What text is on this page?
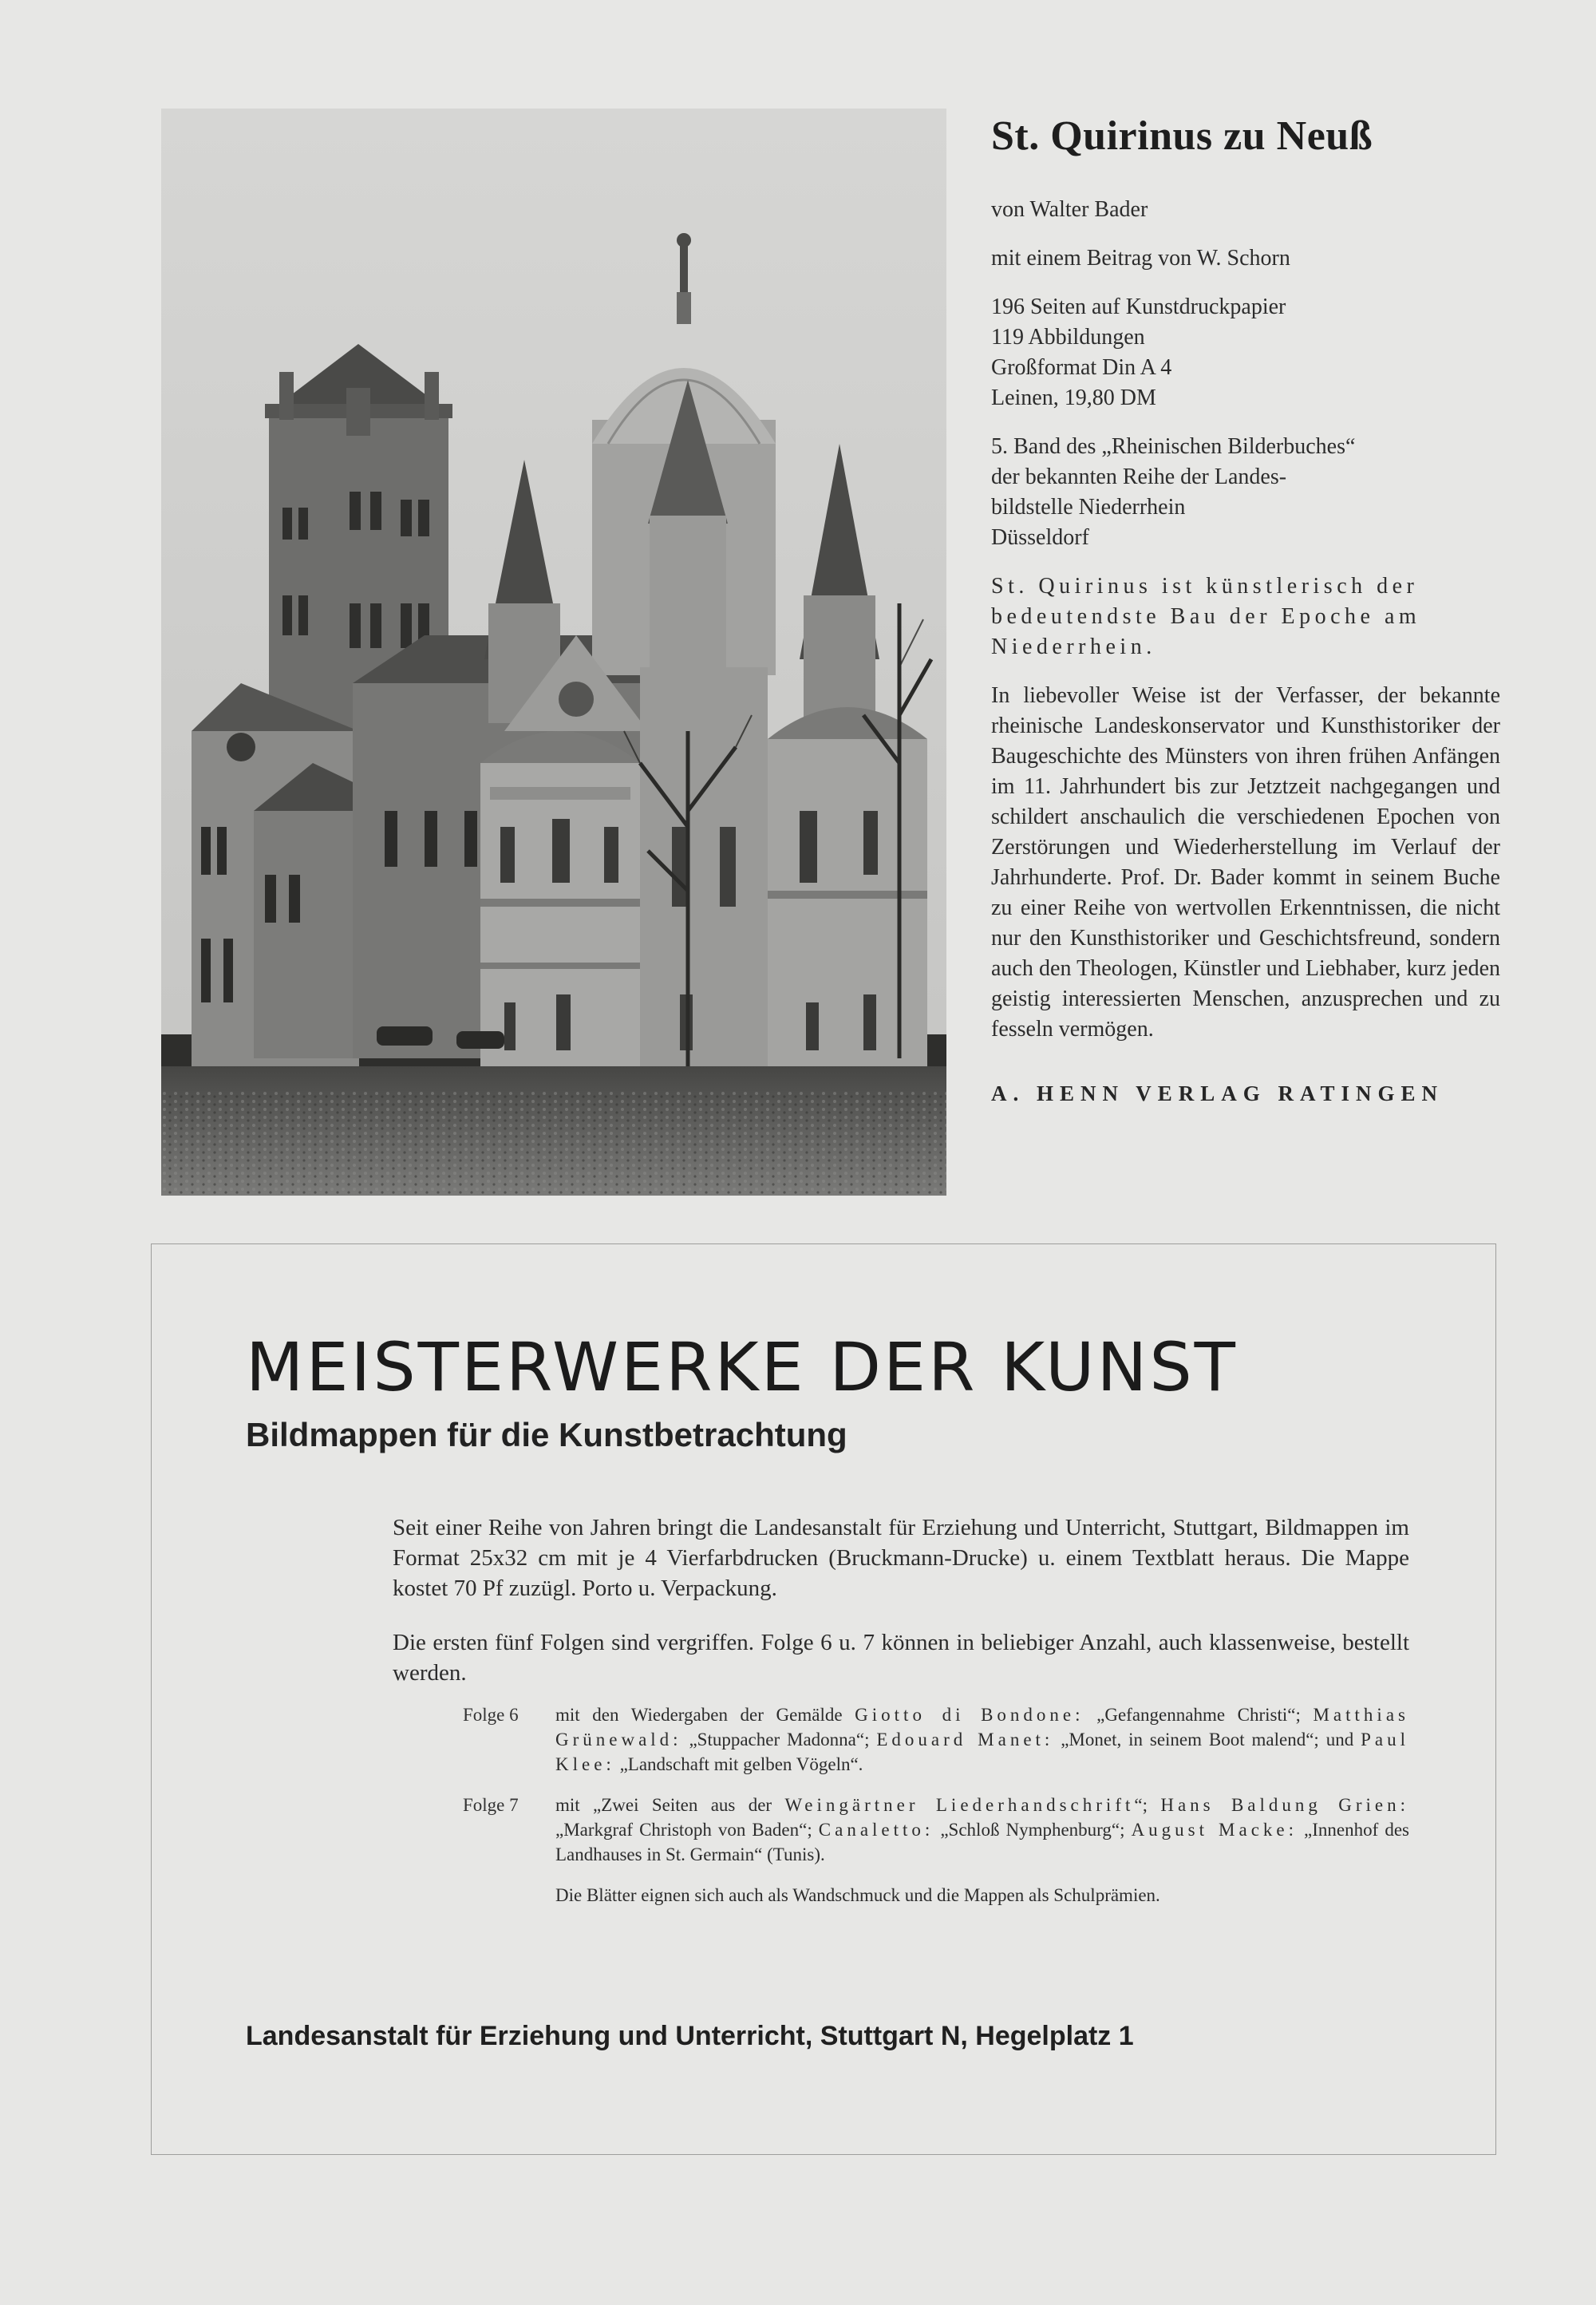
St. Quirinus zu Neuß

von Walter Bader

mit einem Beitrag von W. Schorn

196 Seiten auf Kunstdruckpapier
119 Abbildungen
Großformat Din A 4
Leinen, 19,80 DM

5. Band des „Rheinischen Bilderbuches“
der bekannten Reihe der Landes-
bildstelle Niederrhein
Düsseldorf

St. Quirinus ist künstlerisch der bedeutendste Bau der Epoche am Niederrhein.

In liebevoller Weise ist der Verfasser, der bekannte rheinische Landeskonservator und Kunsthistoriker der Baugeschichte des Münsters von ihren frühen Anfängen im 11. Jahrhundert bis zur Jetztzeit nachgegangen und schildert anschaulich die verschiedenen Epochen von Zerstörungen und Wiederherstellung im Verlauf der Jahrhunderte. Prof. Dr. Bader kommt in seinem Buche zu einer Reihe von wertvollen Erkenntnissen, die nicht nur den Kunsthistoriker und Geschichtsfreund, sondern auch den Theologen, Künstler und Liebhaber, kurz jeden geistig interessierten Menschen, anzusprechen und zu fesseln vermögen.

A. HENN VERLAG RATINGEN

MEISTERWERKE DER KUNST
Bildmappen für die Kunstbetrachtung

Seit einer Reihe von Jahren bringt die Landesanstalt für Erziehung und Unterricht, Stuttgart, Bildmappen im Format 25x32 cm mit je 4 Vierfarbdrucken (Bruckmann-Drucke) u. einem Textblatt heraus. Die Mappe kostet 70 Pf zuzügl. Porto u. Verpackung.

Die ersten fünf Folgen sind vergriffen. Folge 6 u. 7 können in beliebiger Anzahl, auch klassenweise, bestellt werden.

Folge 6	mit den Wiedergaben der Gemälde Giotto di Bondone: „Gefangennahme Christi“; Matthias Grünewald: „Stuppacher Madonna“; Edouard Manet: „Monet, in seinem Boot malend“; und Paul Klee: „Landschaft mit gelben Vögeln“.
Folge 7	mit „Zwei Seiten aus der Weingärtner Liederhandschrift“; Hans Baldung Grien: „Markgraf Christoph von Baden“; Canaletto: „Schloß Nymphenburg“; August Macke: „Innenhof des Landhauses in St. Germain“ (Tunis).
Die Blätter eignen sich auch als Wandschmuck und die Mappen als Schulprämien.
Landesanstalt für Erziehung und Unterricht, Stuttgart N, Hegelplatz 1
